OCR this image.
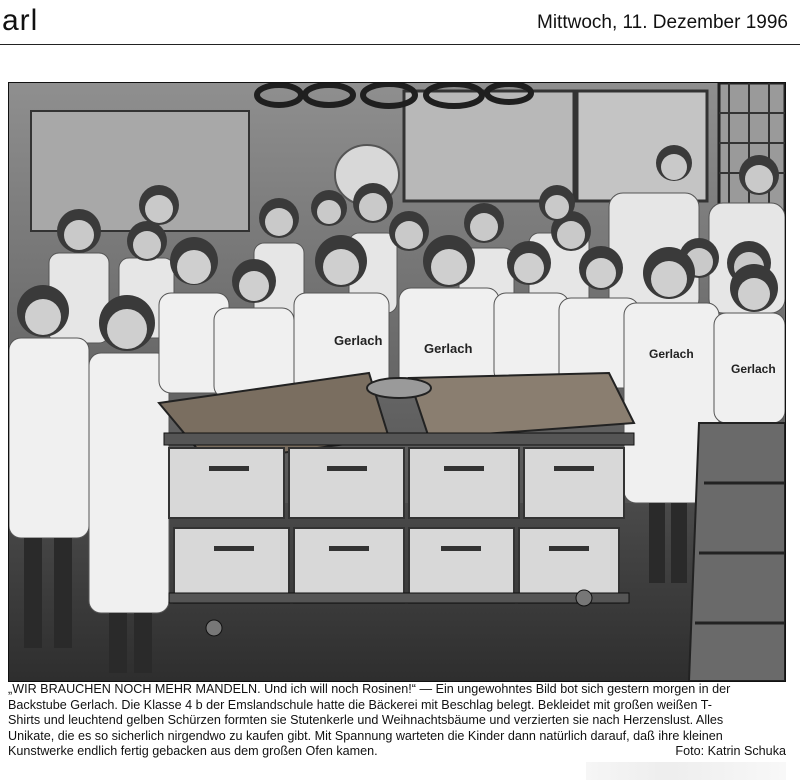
arl	Mittwoch, 11. Dezember 1996
Gerlach
Gerlach	Gerlach
Gerlach

„WIR BRAUCHEN NOCH MEHR MANDELN. Und ich will noch Rosinen!“ — Ein ungewohntes Bild bot sich gestern morgen in der

Backstube Gerlach. Die Klasse 4 b der Emslandschule hatte die Bäckerei mit Beschlag belegt. Bekleidet mit großen weißen T-

Shirts und leuchtend gelben Schürzen formten sie Stutenkerle und Weihnachtsbäume und verzierten sie nach Herzenslust. Alles

Unikate, die es so sicherlich nirgendwo zu kaufen gibt. Mit Spannung warteten die Kinder dann natürlich darauf, daß ihre kleinen

Kunstwerke endlich fertig gebacken aus dem großen Ofen kamen.	Foto: Katrin Schuka
